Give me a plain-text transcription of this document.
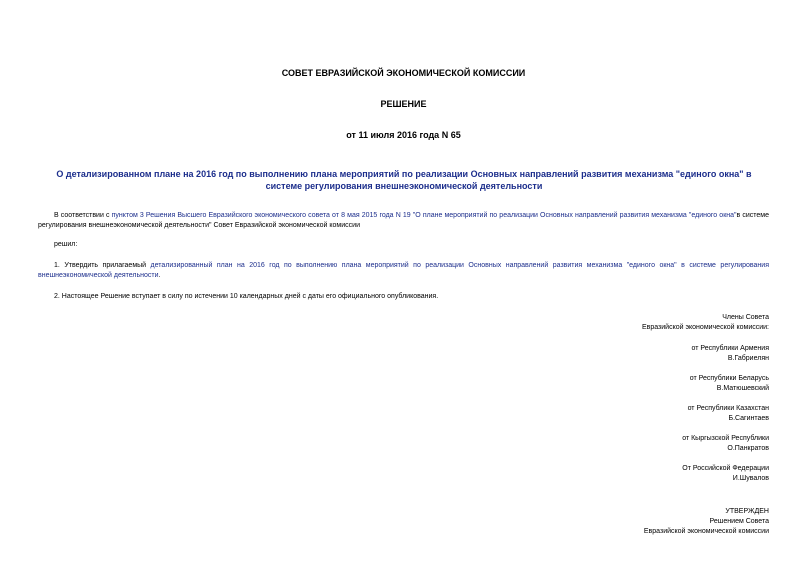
СОВЕТ ЕВРАЗИЙСКОЙ ЭКОНОМИЧЕСКОЙ КОМИССИИ
РЕШЕНИЕ
от 11 июля 2016 года N 65
О детализированном плане на 2016 год по выполнению плана мероприятий по реализации Основных направлений развития механизма "единого окна" в системе регулирования внешнеэкономической деятельности
В соответствии с пунктом 3 Решения Высшего Евразийского экономического совета от 8 мая 2015 года N 19 "О плане мероприятий по реализации Основных направлений развития механизма "единого окна"в системе регулирования внешнеэкономической деятельности" Совет Евразийской экономической комиссии
решил:
1. Утвердить прилагаемый детализированный план на 2016 год по выполнению плана мероприятий по реализации Основных направлений развития механизма "единого окна" в системе регулирования внешнеэкономической деятельности.
2. Настоящее Решение вступает в силу по истечении 10 календарных дней с даты его официального опубликования.
Члены Совета
Евразийской экономической комиссии:
от Республики Армения
В.Габриелян
от Республики Беларусь
В.Матюшевский
от Республики Казахстан
Б.Сагинтаев
от Кыргызской Республики
О.Панкратов
От Российской Федерации
И.Шувалов
УТВЕРЖДЕН
Решением Совета
Евразийской экономической комиссии
